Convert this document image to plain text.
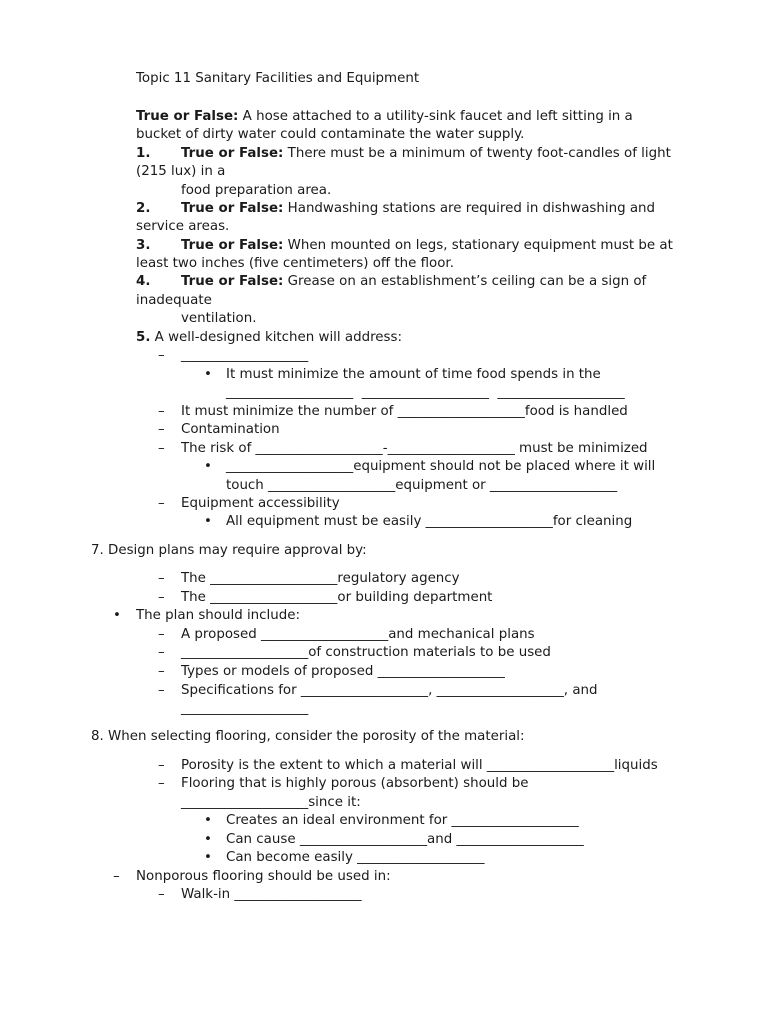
Topic 11 Sanitary Facilities and Equipment
True or False: A hose attached to a utility-sink faucet and left sitting in a
bucket of dirty water could contaminate the water supply.
1. True or False: There must be a minimum of twenty foot-candles of light
(215 lux) in a
food preparation area.
2. True or False: Handwashing stations are required in dishwashing and
service areas.
3. True or False: When mounted on legs, stationary equipment must be at
least two inches (five centimeters) off the floor.
4. True or False: Grease on an establishment’s ceiling can be a sign of
inadequate
ventilation.
5. A well-designed kitchen will address:
– ___________________
• It must minimize the amount of time food spends in the
___________________  ___________________  ___________________
– It must minimize the number of ___________________food is handled
– Contamination
– The risk of ___________________-___________________ must be minimized
• ___________________equipment should not be placed where it will
touch ___________________equipment or ___________________
– Equipment accessibility
• All equipment must be easily ___________________for cleaning
7. Design plans may require approval by:
– The ___________________regulatory agency
– The ___________________or building department
• The plan should include:
– A proposed ___________________and mechanical plans
– ___________________of construction materials to be used
– Types or models of proposed ___________________
– Specifications for ___________________, ___________________, and
___________________
8. When selecting flooring, consider the porosity of the material:
– Porosity is the extent to which a material will ___________________liquids
– Flooring that is highly porous (absorbent) should be
___________________since it:
• Creates an ideal environment for ___________________
• Can cause ___________________and ___________________
• Can become easily ___________________
– Nonporous flooring should be used in:
– Walk-in ___________________
